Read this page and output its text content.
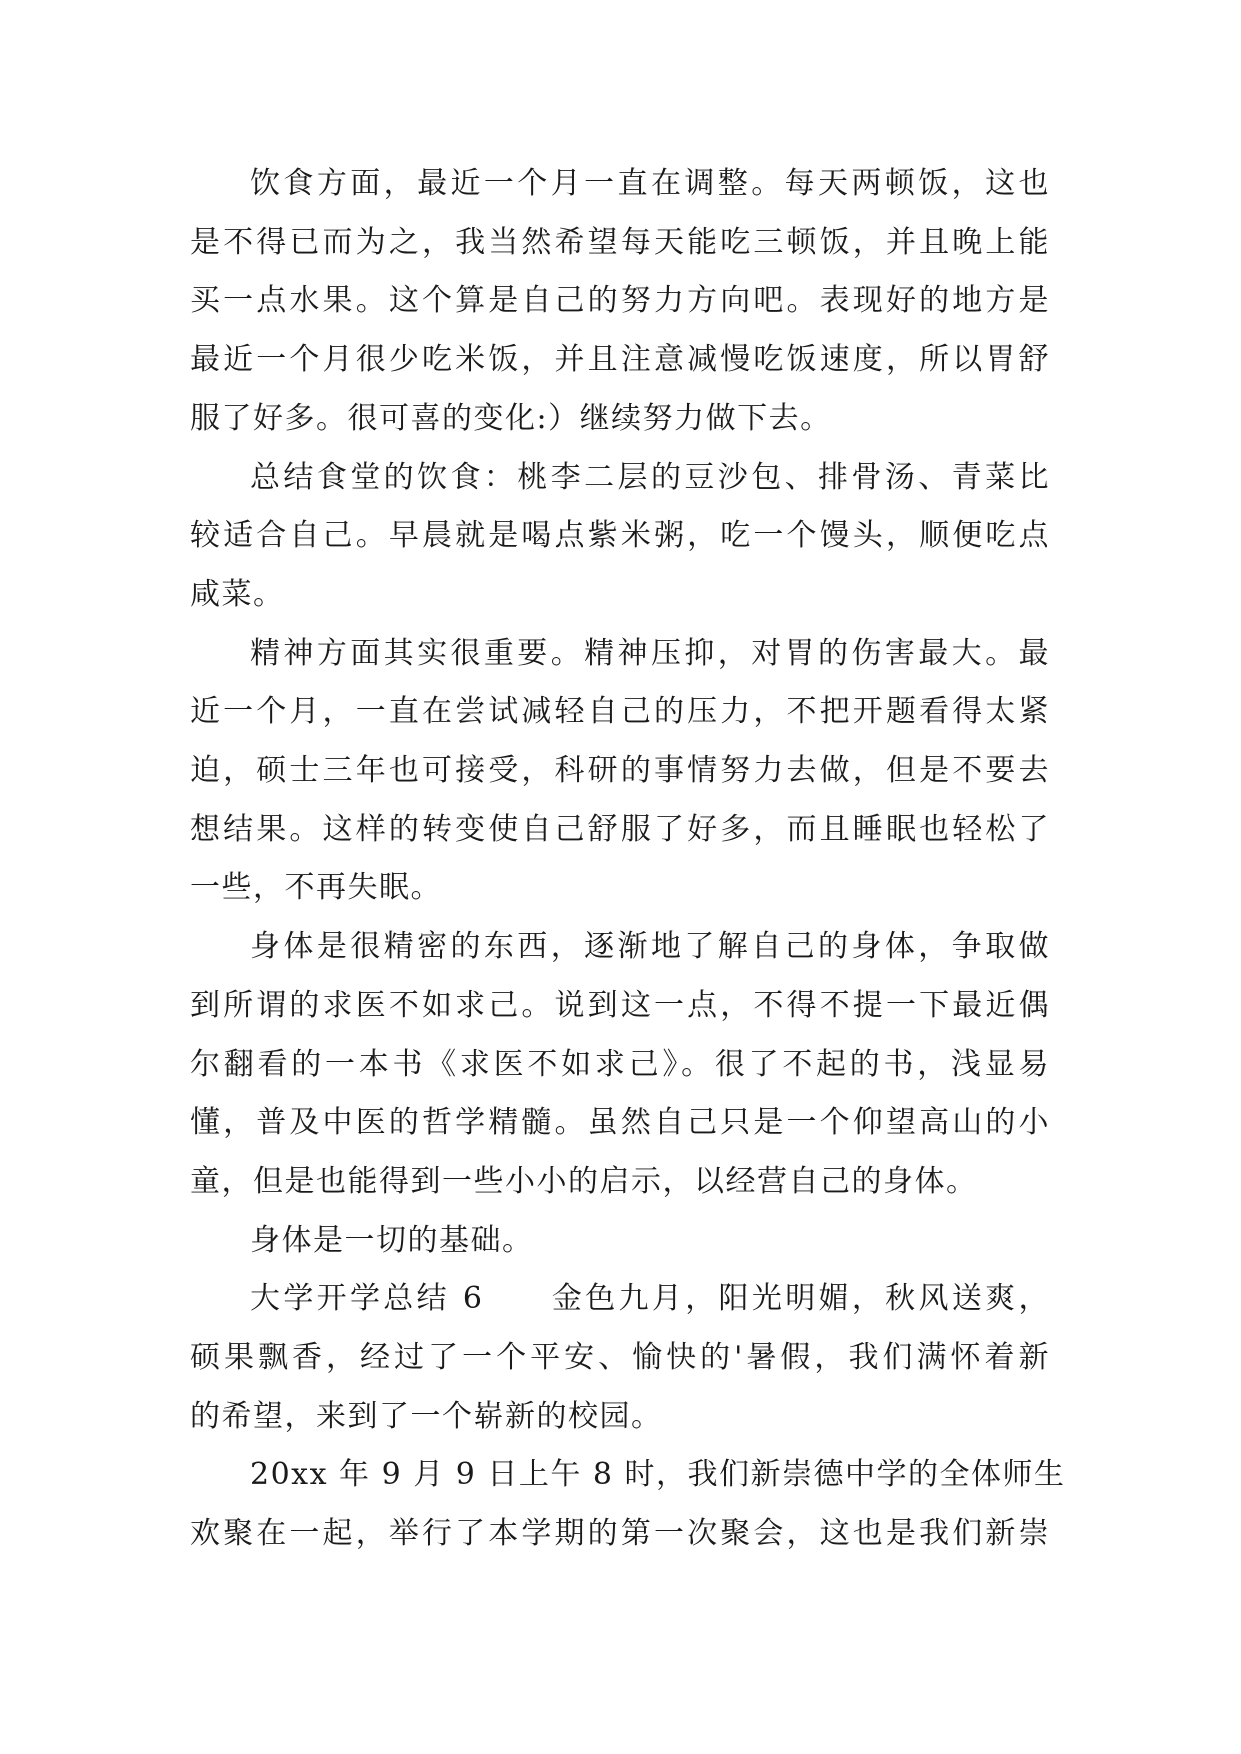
饮食方面，最近一个月一直在调整。每天两顿饭，这也
是不得已而为之，我当然希望每天能吃三顿饭，并且晚上能
买一点水果。这个算是自己的努力方向吧。表现好的地方是
最近一个月很少吃米饭，并且注意减慢吃饭速度，所以胃舒
服了好多。很可喜的变化:）继续努力做下去。

总结食堂的饮食：桃李二层的豆沙包、排骨汤、青菜比
较适合自己。早晨就是喝点紫米粥，吃一个馒头，顺便吃点
咸菜。

精神方面其实很重要。精神压抑，对胃的伤害最大。最
近一个月，一直在尝试减轻自己的压力，不把开题看得太紧
迫，硕士三年也可接受，科研的事情努力去做，但是不要去
想结果。这样的转变使自己舒服了好多，而且睡眠也轻松了
一些，不再失眠。

身体是很精密的东西，逐渐地了解自己的身体，争取做
到所谓的求医不如求己。说到这一点，不得不提一下最近偶
尔翻看的一本书《求医不如求己》。很了不起的书，浅显易
懂，普及中医的哲学精髓。虽然自己只是一个仰望高山的小
童，但是也能得到一些小小的启示，以经营自己的身体。

身体是一切的基础。

大学开学总结 6　　金色九月，阳光明媚，秋风送爽，
硕果飘香，经过了一个平安、愉快的'暑假，我们满怀着新
的希望，来到了一个崭新的校园。

20xx 年 9 月 9 日上午 8 时，我们新崇德中学的全体师生
欢聚在一起，举行了本学期的第一次聚会，这也是我们新崇
